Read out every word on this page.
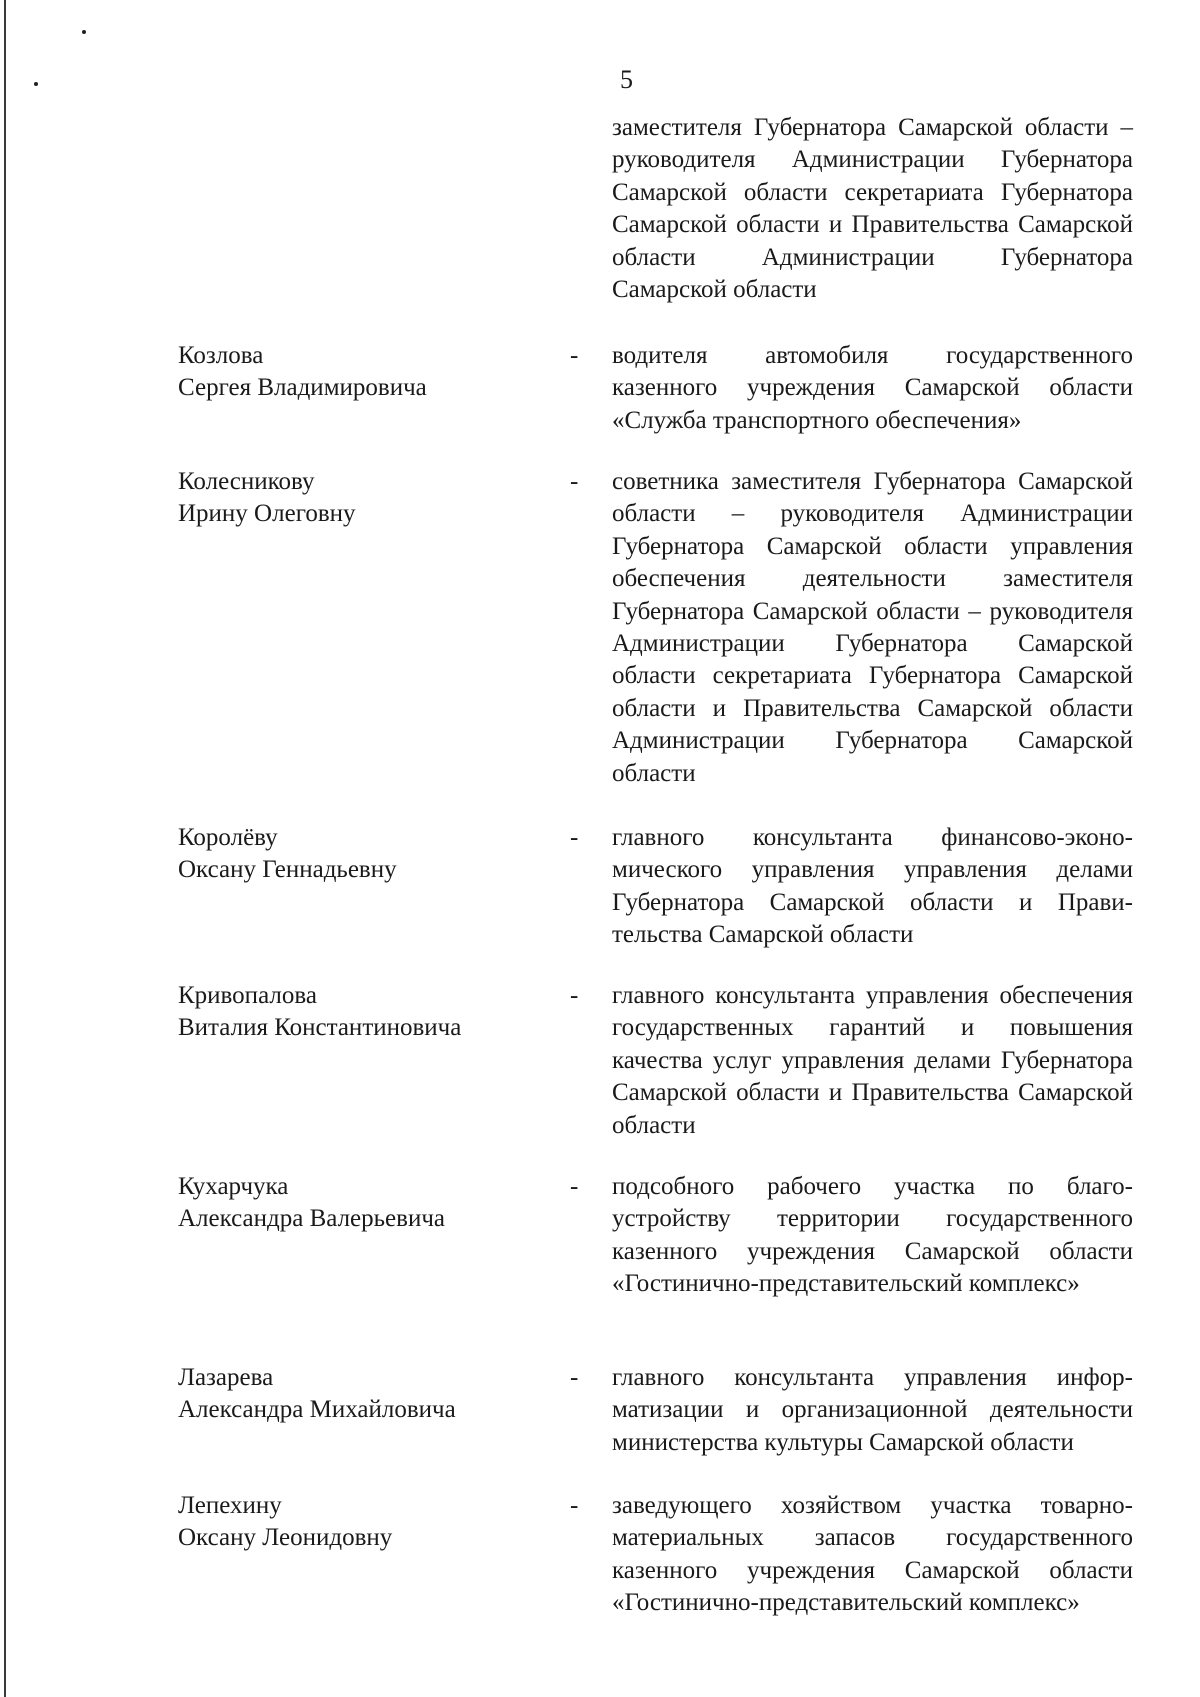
5
заместителя Губернатора Самарской области – руководителя Администрации Губернатора Самарской области секретариата Губернатора Самарской области и Правительства Самарской области Администрации Губернатора Самарской области
Козлова
Сергея Владимировича
- водителя автомобиля государственного казенного учреждения Самарской области «Служба транспортного обеспечения»
Колесникову
Ирину Олеговну
- советника заместителя Губернатора Самарской области – руководителя Администрации Губернатора Самарской области управления обеспечения деятельности заместителя Губернатора Самарской области – руководителя Администрации Губернатора Самарской области секретариата Губернатора Самарской области и Правительства Самарской области Администрации Губернатора Самарской области
Королёву
Оксану Геннадьевну
- главного консультанта финансово-экономического управления управления делами Губернатора Самарской области и Правительства Самарской области
Кривопалова
Виталия Константиновича
- главного консультанта управления обеспечения государственных гарантий и повышения качества услуг управления делами Губернатора Самарской области и Правительства Самарской области
Кухарчука
Александра Валерьевича
- подсобного рабочего участка по благоустройству территории государственного казенного учреждения Самарской области «Гостинично-представительский комплекс»
Лазарева
Александра Михайловича
- главного консультанта управления информатизации и организационной деятельности министерства культуры Самарской области
Лепехину
Оксану Леонидовну
- заведующего хозяйством участка товарно-материальных запасов государственного казенного учреждения Самарской области «Гостинично-представительский комплекс»
